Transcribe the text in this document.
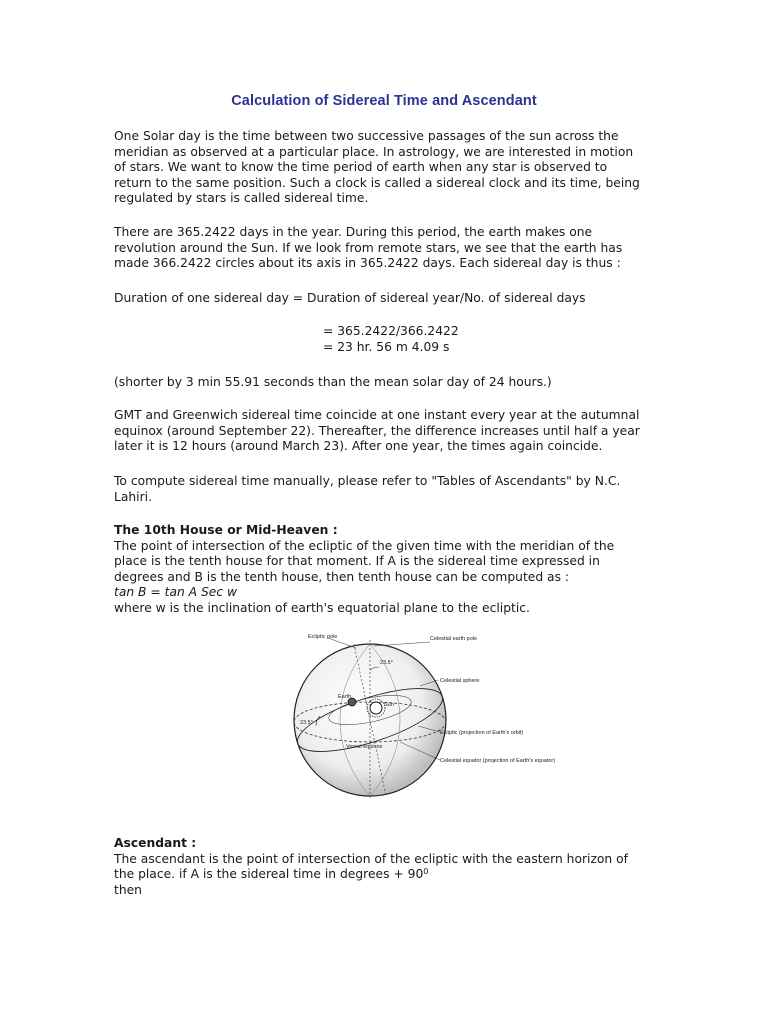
Calculation of Sidereal Time and Ascendant
One Solar day is the time between two successive passages of the sun across the
meridian as observed at a particular place. In astrology, we are interested in motion
of stars. We want to know the time period of earth when any star is observed to
return to the same position. Such a clock is called a sidereal clock and its time, being
regulated by stars is called sidereal time.
There are 365.2422 days in the year. During this period, the earth makes one
revolution around the Sun. If we look from remote stars, we see that the earth has
made 366.2422 circles about its axis in 365.2422 days. Each sidereal day is thus :
Duration of one sidereal day = Duration of sidereal year/No. of sidereal days
= 365.2422/366.2422
= 23 hr. 56 m 4.09 s
(shorter by 3 min 55.91 seconds than the mean solar day of 24 hours.)
GMT and Greenwich sidereal time coincide at one instant every year at the autumnal
equinox (around September 22). Thereafter, the difference increases until half a year
later it is 12 hours (around March 23). After one year, the times again coincide.
To compute sidereal time manually, please refer to "Tables of Ascendants" by N.C.
Lahiri.
The 10th House or Mid-Heaven :
The point of intersection of the ecliptic of the given time with the meridian of the
place is the tenth house for that moment. If A is the sidereal time expressed in
degrees and B is the tenth house, then tenth house can be computed as :
tan B = tan A Sec w
where w is the inclination of earth's equatorial plane to the ecliptic.
Ecliptic pole	Celestial earth pole
23.5°
Celestial sphere
Earth
Sun
Ecliptic (projection of Earth's orbit)
23.5°
Vernal equinox
Celestial equator (projection of Earth's equator)
Ascendant :
The ascendant is the point of intersection of the ecliptic with the eastern horizon of
the place. if A is the sidereal time in degrees + $90^0$
then
